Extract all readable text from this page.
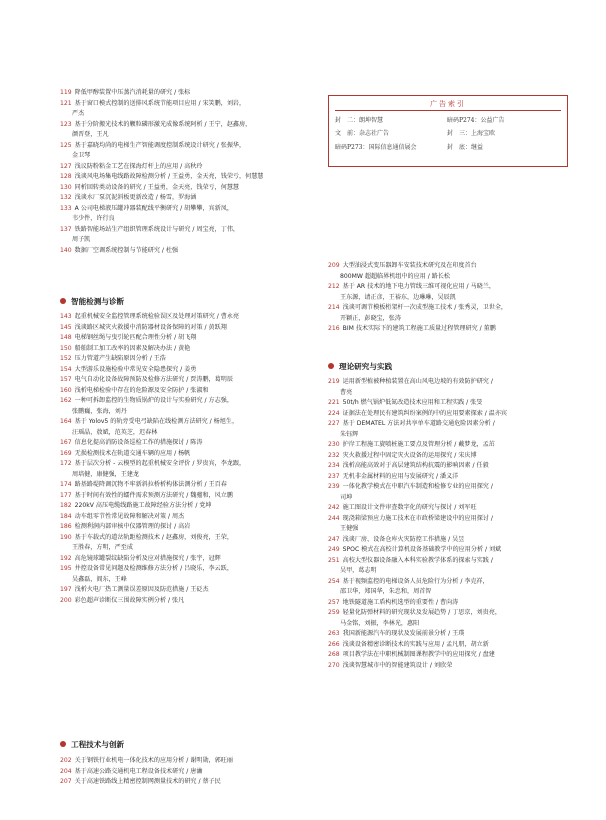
119 降低甲醇装置中压蒸汽消耗量的研究 / 张标
121 基于窗口模式控制的送排风系统节能项目应用 / 宋笑鹏，刘岩，
严杰
123 基于分阶搬光技术的颗粒磷形激光成像系统阿析 / 王宁，赵鑫房，
颜晋登，王凡
125 基于嘉晓均尚的电梯生产智能调度控制系统设计研究 / 张振华，
金卫琴
127 浅议防粉粘金工艺在探海灯杆上的应用 / 高秋玲
128 浅谈风电场集电线路故障检测分析 / 王益勇，金天亮，钱荣亏，何慧慧
130 同析回转类动设备的研究 / 王益勇，金天亮，钱荣亏，何慧慧
132 浅谈水厂泵沉泥斜板更新改造 / 杨雪，罗海涵
133 A 公司电梯液压罐冲器装配线平衡研究 / 胡攀攀，宾新凤，
韦少件，许行良
137 铁路智能场站生产组织管理系统设计与研究 / 周宝亮，丁伟，
周子凯
140 数据厂空调系统控制与节能研究 / 杜强
智能检测与诊断
143 起重机械安全监控管理系统检验误区及处理对策研究 / 曹永亮
145 浅谈路区城灾火救援中消防器材设备保障的对策 / 黄跃翔
148 电梯钢丝绳与曳引轮匹配合理性分析 / 胡飞翔
150 船舶制工加工改率的因素及解决办法 / 黄艳
152 压力管道产生缺陷原因分析 / 王浩
154 大型游乐设施检验中常见安全隐患探究 / 姜勇
157 电气自动化设备故障预防及检修方法研究 / 贾涛鹏，葛明辰
160 浅析电梯检验中存在的危险源及安全防护 / 张淑和
162 一种可拆卸监控的生物质锅炉的设计与实验研究 / 方志强，
张鹏巍，张海，刘丹
164 基于 Yolov5 的轨旁受电弓缺陷在线检测方法研究 / 杨旭生，
汪瑶晶，敖斌，范英芝，迟春林
167 信息化提高消防设备巡检工作的措施探讨 / 陈涛
169 无损检测技术在轨道交通车辆的应用 / 杨帆
172 基于层次分析 - 云模型的起重机械安全评价 / 罗贵宾，李龙跟，
周培健，康健强，王建龙
174 路基路堤降调沉物不牢新斜拉桥析构体法测分析 / 王百春
177 基于时间有效性的蠕件需求预测方法研究 / 魏骝和，风立鹏
182 220kV 高压电缆线路施工故障经验方法分析 / 党坤
184 动车组零节性常见故障和解决对策 / 周杰
186 检测利润内部审核中仪器管理的探讨 / 高岩
190 基于车载式的道岔轨距检测技术 / 赵鑫房，刘俊亮，王荣，
王胜春，方明，严至成
192 高危镜球罐裂纹缺陷分析及应对措施探究 / 张宇，冠辉
195 井控设备常见问题及检测维修方法分析 / 吕晓乐，李云跃，
吴鑫磊，阎东，王峰
197 浅析火电厂热工测量误差原因及防范措施 / 王砭杰
200 彩色超声诊断仪三围故障实例分析 / 张凡
工程技术与创新
202 关于钢铁行业机电一体化技术的应用分析 / 谢明勋，郭旺丽
204 基于高速公路交通机电工程设备技术研究 / 唐瀹
207 关于高速铁路线上精密控制网测量技术的研究 / 蔡子民
广告索引
封　二：朗坤智慧	暗码P274：公益广告
文　前：杂志社广告	封　三：上海宝欧
暗码P273：国际信息通信展会	封　底：继益
209 大型油浸式变压器卸车安装技术研究及在印度首台
800MW 超超临界机组中的应用 / 路长松
212 基于 AR 技术的地下电力管线三维可视化应用 / 马晓兰，
王东源，请正彦，王裕东，边琳琳，吴辰凯
214 浅谈可调节模板桁架杆一次成型施工技术 / 张秀灵，卫世全，
开颖正，彭晓宝，张涛
216 BIM 技术实际下的建筑工程施工质量过程管理研究 / 董鹏
理论研究与实践
219 运用新型植被种植装置在高山风电边坡的有效防护研究 /
曹亮
221 50t/h 燃气锅炉低氮改造技术应用和工程实践 / 张旻
224 证据法在处理民有建筑纠纷案例的中的应用要素探索 / 温亦宾
227 基于 DEMATEL 方法对共享单车道路交通危险因素分析 /
朱钰辉
230 护岸工程施工旋喷桩施工要点及管理分析 / 戴梦龙，孟茁
232 灾火救援过程中固定灾火设备的运用探究 / 宋庆博
234 浅析高能高效对于高层建筑结构抗震的影响因素 / 任毅
237 无机非金属材料的应用与发展研究 / 潘义洋
239 一体化教学模式在中职汽车制造和检修专业的应用探究 /
司坤
242 施工图设计文件审查数字化的研究与探讨 / 刘军旺
244 现浇箱梁预应力施工技术在市政桥梁建设中的应用探讨 /
王健强
247 浅谈厂房、设备仓库火灾防控工作措施 / 吴昱
249 SPOC 模式在高校计算机设备基础教学中的应用分析 / 刘斌
251 高校大型仪器设备融入本科实验教学体系的探索与实践 /
吴甲，葛志明
254 基于视频监控的电梯设备人员危险行为分析 / 李克祥，
邵卫华，郑国华，朱忠和，周首智
257 地铁隧道施工盾构机选型的重要性 / 曹向涛
259 轻量化防弹材料的研究现状及发展趋势 / 丁思京，刘贵亮，
马金铭，刘振，李林光，惠阳
263 我国新能源汽车的现状及发展前景分析 / 王璞
266 浅谈设备精密诊断技术的实践与应用 / 孟凡朋，胡立新
268 项目教学法在中职机械制图课程教学中的应用探究 / 盘建
270 浅谈智慧城市中的智能建筑设计 / 刘欣荣
